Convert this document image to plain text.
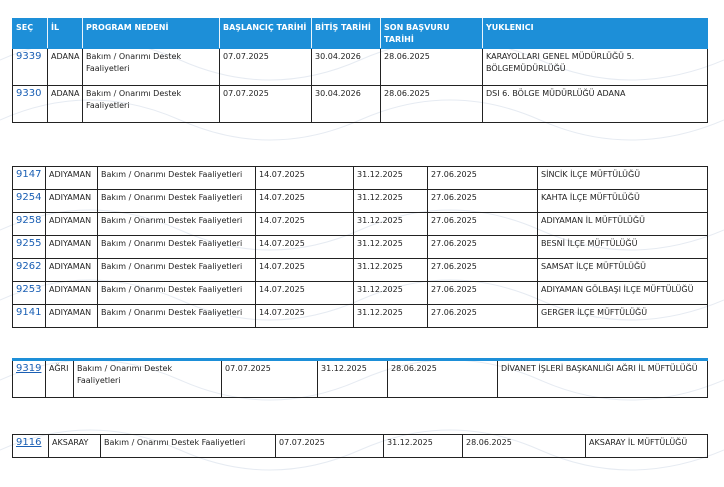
SEÇ	İL	PROGRAM NEDENİ	BAŞLANCIÇ TARİHİ	BİTİŞ TARİHİ	SON BAŞVURU TARİHİ	YUKLENICI
9339	ADANA	Bakım / Onarımı Destek Faaliyetleri	07.07.2025	30.04.2026	28.06.2025	KARAYOLLARI GENEL MÜDÜRLÜĞÜ 5. BÖLGEMÜDÜRLÜĞÜ
9330	ADANA	Bakım / Onarımı Destek Faaliyetleri	07.07.2025	30.04.2026	28.06.2025	DSI 6. BÖLGE MÜDÜRLÜĞÜ ADANA
9147	ADIYAMAN	Bakım / Onarımı Destek Faaliyetleri	14.07.2025	31.12.2025	27.06.2025	SİNCİK İLÇE MÜFTÜLÜĞÜ
9254	ADIYAMAN	Bakım / Onarımı Destek Faaliyetleri	14.07.2025	31.12.2025	27.06.2025	KAHTA İLÇE MÜFTÜLÜĞÜ
9258	ADIYAMAN	Bakım / Onarımı Destek Faaliyetleri	14.07.2025	31.12.2025	27.06.2025	ADIYAMAN İL MÜFTÜLÜĞÜ
9255	ADIYAMAN	Bakım / Onarımı Destek Faaliyetleri	14.07.2025	31.12.2025	27.06.2025	BESNİ İLÇE MÜFTÜLÜĞÜ
9262	ADIYAMAN	Bakım / Onarımı Destek Faaliyetleri	14.07.2025	31.12.2025	27.06.2025	SAMSAT İLÇE MÜFTÜLÜĞÜ
9253	ADIYAMAN	Bakım / Onarımı Destek Faaliyetleri	14.07.2025	31.12.2025	27.06.2025	ADIYAMAN GÖLBAŞI İLÇE MÜFTÜLÜĞÜ
9141	ADIYAMAN	Bakım / Onarımı Destek Faaliyetleri	14.07.2025	31.12.2025	27.06.2025	GERGER İLÇE MÜFTÜLÜĞÜ
9319	AĞRI	Bakım / Onarımı Destek Faaliyetleri	07.07.2025	31.12.2025	28.06.2025	DİVANET İŞLERİ BAŞKANLIĞI AĞRI İL MÜFTÜLÜĞÜ
9116	AKSARAY	Bakım / Onarımı Destek Faaliyetleri	07.07.2025	31.12.2025	28.06.2025	AKSARAY İL MÜFTÜLÜĞÜ
